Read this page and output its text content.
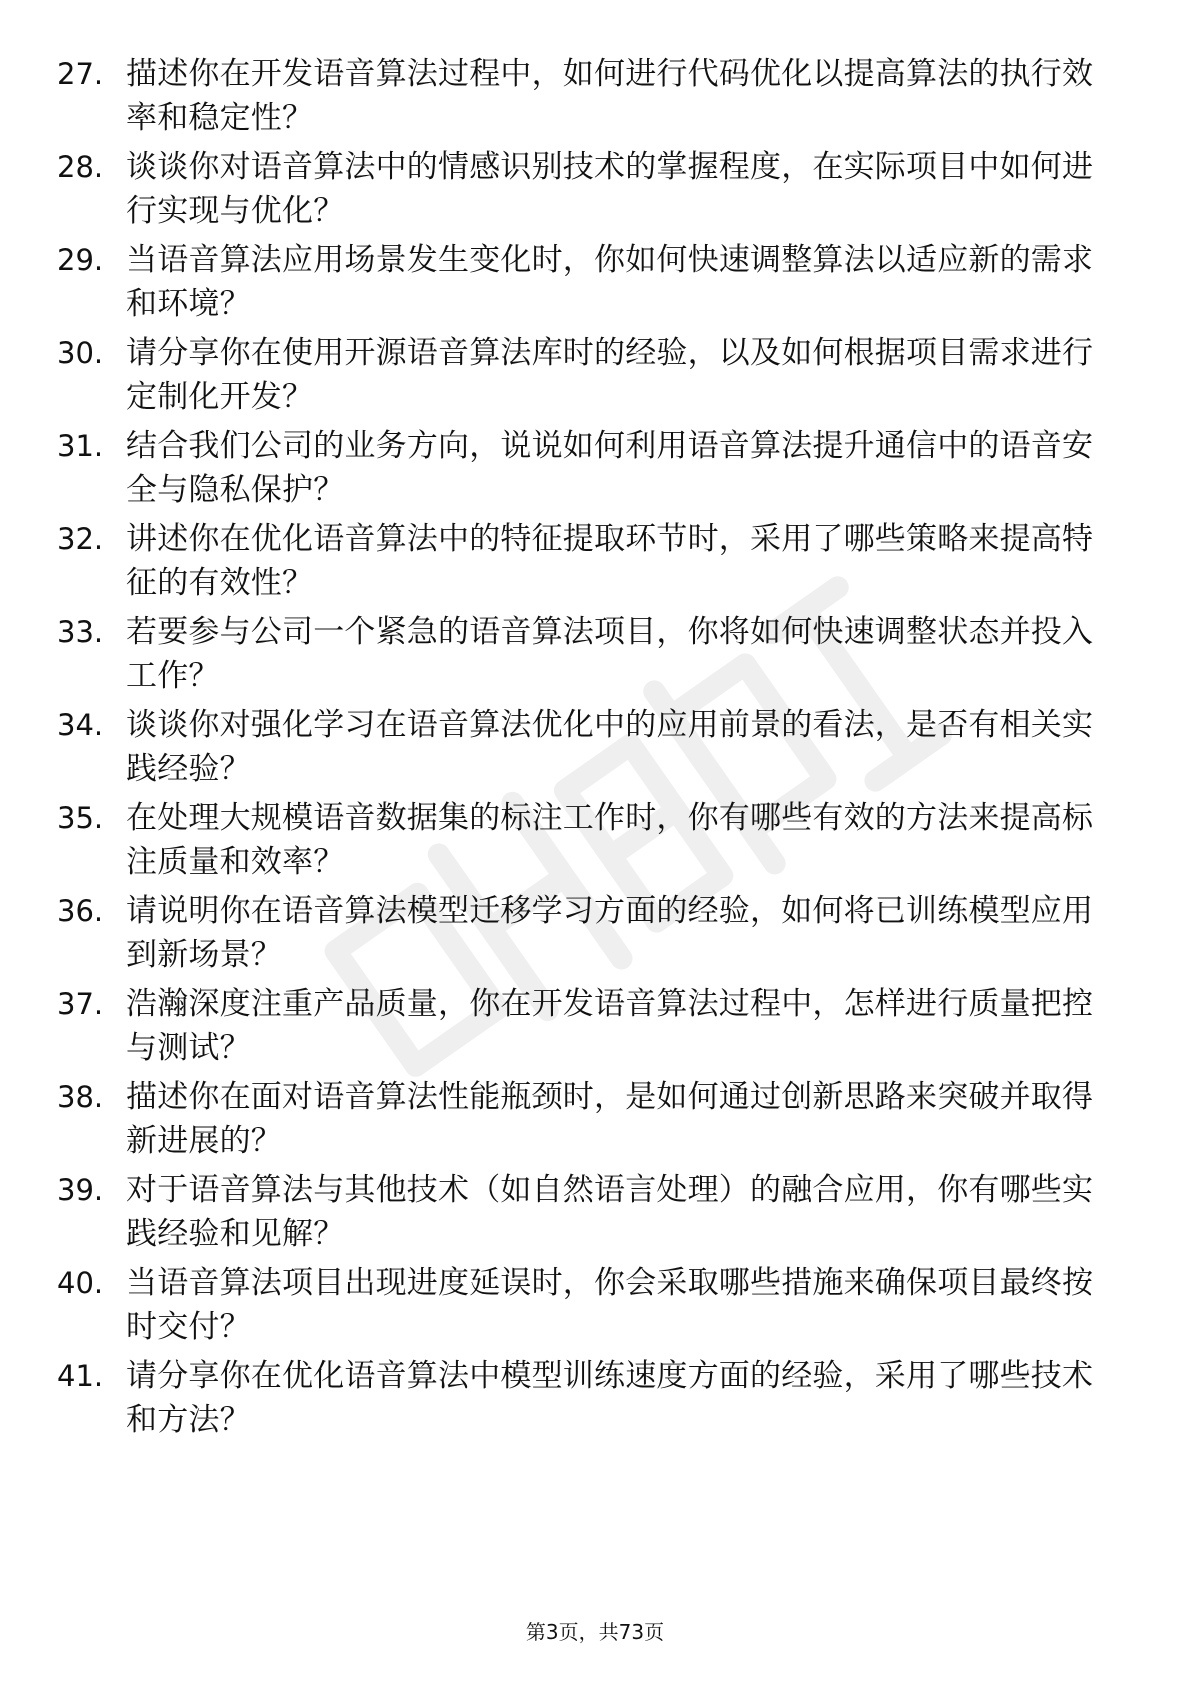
27. 描述你在开发语音算法过程中，如何进行代码优化以提高算法的执行效率和稳定性？
28. 谈谈你对语音算法中的情感识别技术的掌握程度，在实际项目中如何进行实现与优化？
29. 当语音算法应用场景发生变化时，你如何快速调整算法以适应新的需求和环境？
30. 请分享你在使用开源语音算法库时的经验，以及如何根据项目需求进行定制化开发？
31. 结合我们公司的业务方向，说说如何利用语音算法提升通信中的语音安全与隐私保护？
32. 讲述你在优化语音算法中的特征提取环节时，采用了哪些策略来提高特征的有效性？
33. 若要参与公司一个紧急的语音算法项目，你将如何快速调整状态并投入工作？
34. 谈谈你对强化学习在语音算法优化中的应用前景的看法，是否有相关实践经验？
35. 在处理大规模语音数据集的标注工作时，你有哪些有效的方法来提高标注质量和效率？
36. 请说明你在语音算法模型迁移学习方面的经验，如何将已训练模型应用到新场景？
37. 浩瀚深度注重产品质量，你在开发语音算法过程中，怎样进行质量把控与测试？
38. 描述你在面对语音算法性能瓶颈时，是如何通过创新思路来突破并取得新进展的？
39. 对于语音算法与其他技术（如自然语言处理）的融合应用，你有哪些实践经验和见解？
40. 当语音算法项目出现进度延误时，你会采取哪些措施来确保项目最终按时交付？
41. 请分享你在优化语音算法中模型训练速度方面的经验，采用了哪些技术和方法？
第3页，共73页
